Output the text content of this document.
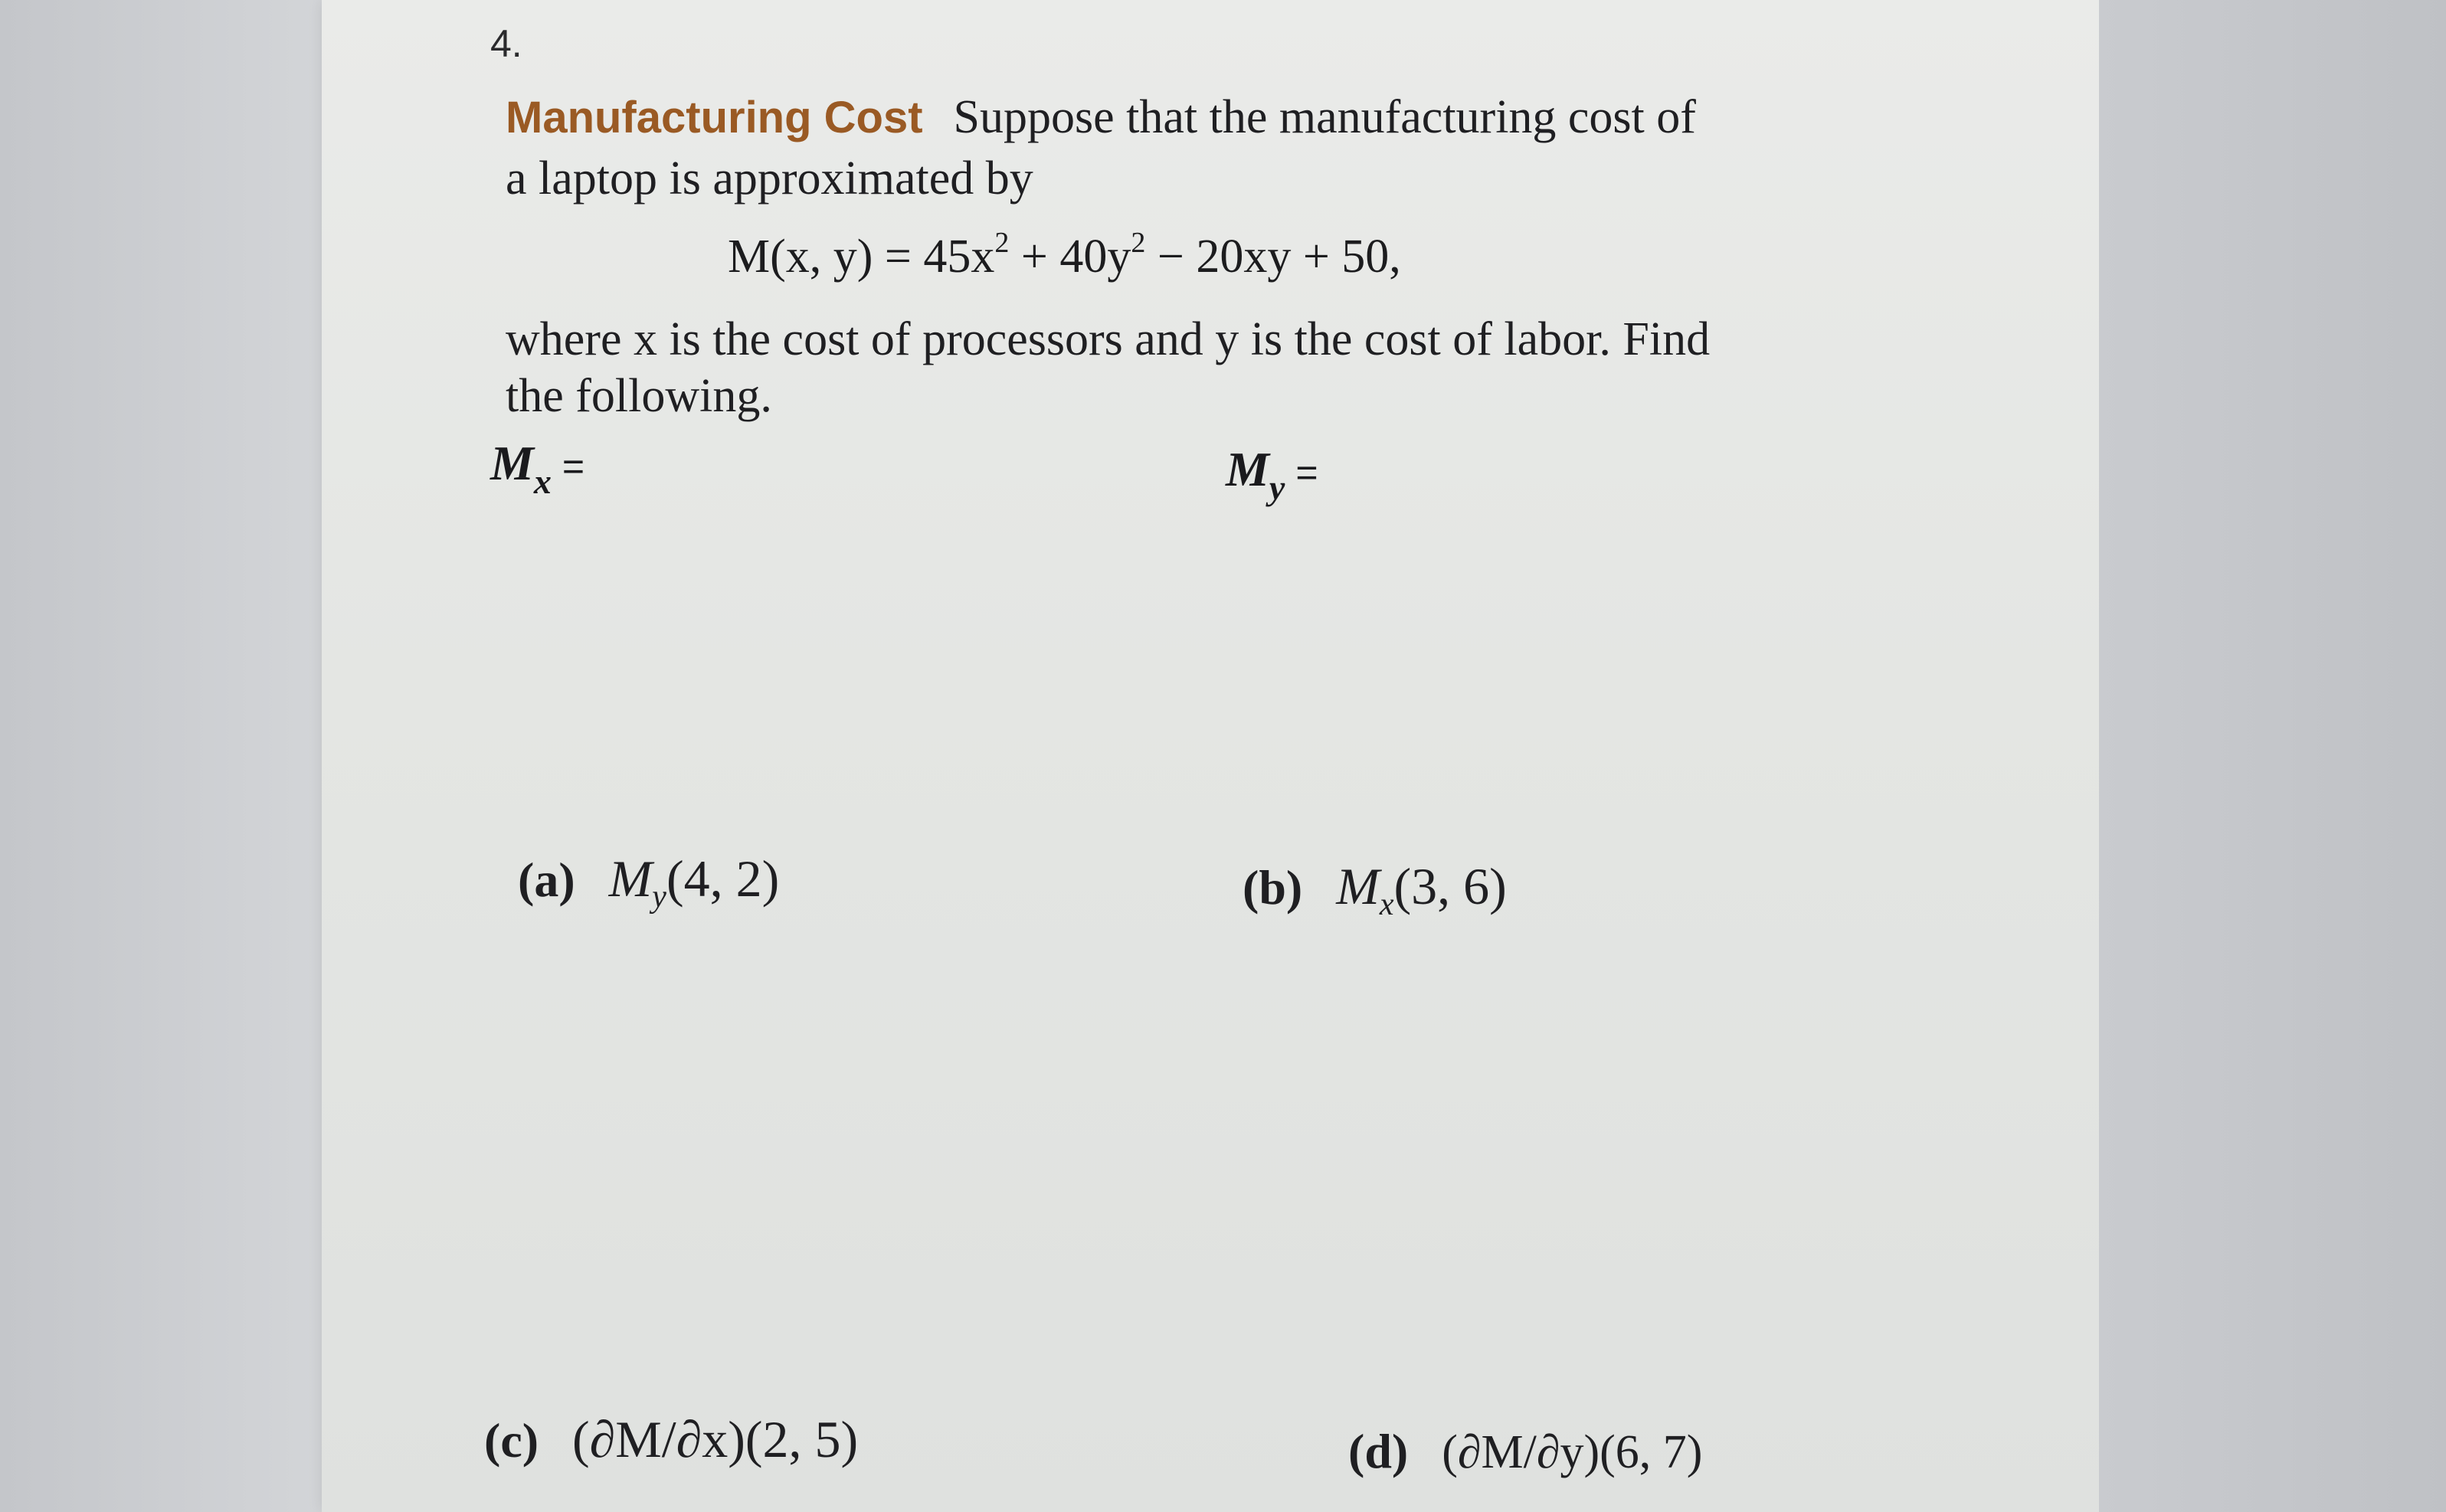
4.
Manufacturing Cost Suppose that the manufacturing cost of
a laptop is approximated by
M(x, $y) = 45x^2 + 40y^2 - 20xy + 50$,
where x is the cost of processors and y is the cost of labor. Find
the following.
$M_x$ =	$M_y$ =
(a) $M_y(4$, 2)	(b) $M_x(3$, 6)
(c) (∂M/∂x)(2, 5)	(d) (∂M/∂y)(6, 7)
